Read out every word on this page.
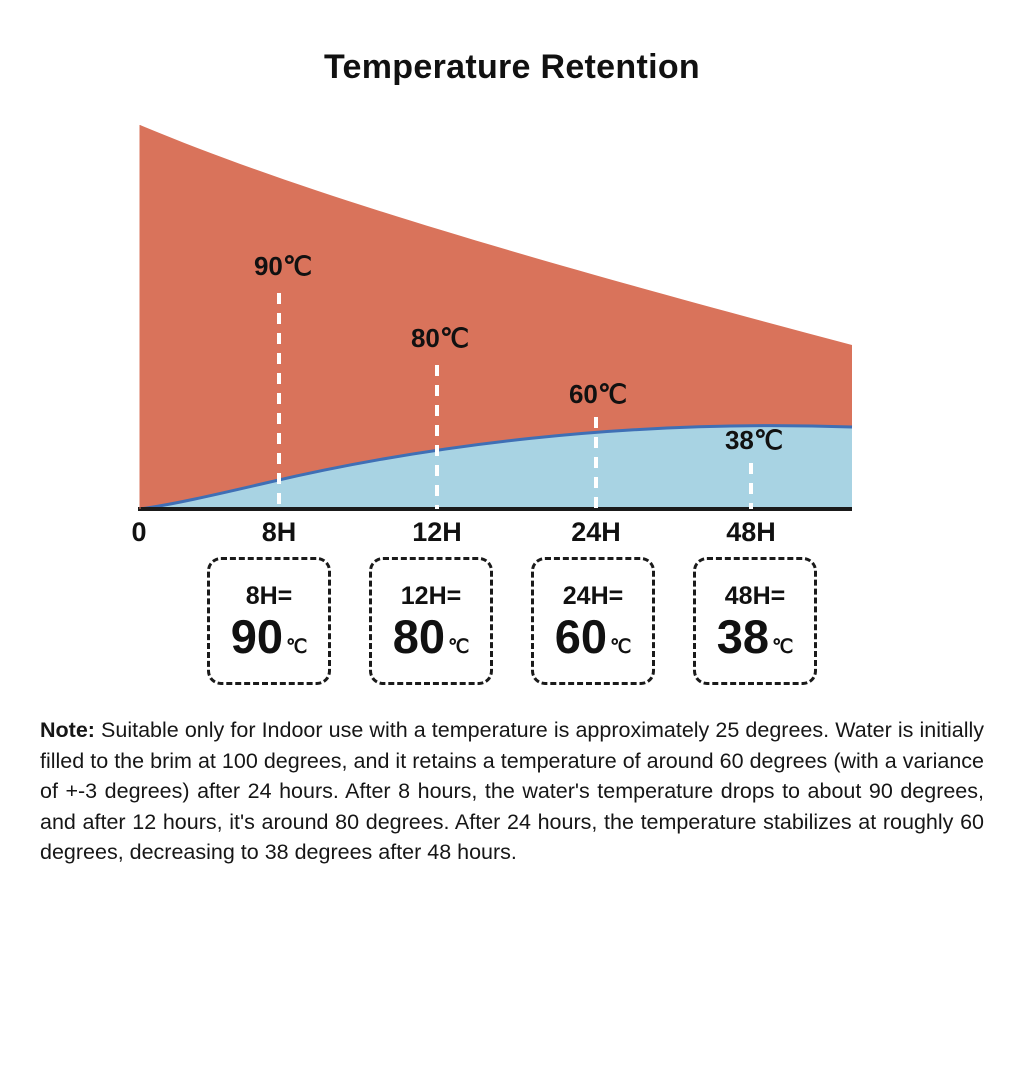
Temperature Retention
90℃
80℃
60℃
38℃
0	8H	12H	24H	48H
8H=
90 ℃
12H=
80 ℃
24H=
60 ℃
48H=
38 ℃
Note: Suitable only for Indoor use with a temperature is approximately 25 degrees. Water is initially filled to the brim at 100 degrees, and it retains a temperature of around 60 degrees (with a variance of +-3 degrees) after 24 hours. After 8 hours, the water's temperature drops to about 90 degrees, and after 12 hours, it's around 80 degrees. After 24 hours, the temperature stabilizes at roughly 60 degrees, decreasing to 38 degrees after 48 hours.
